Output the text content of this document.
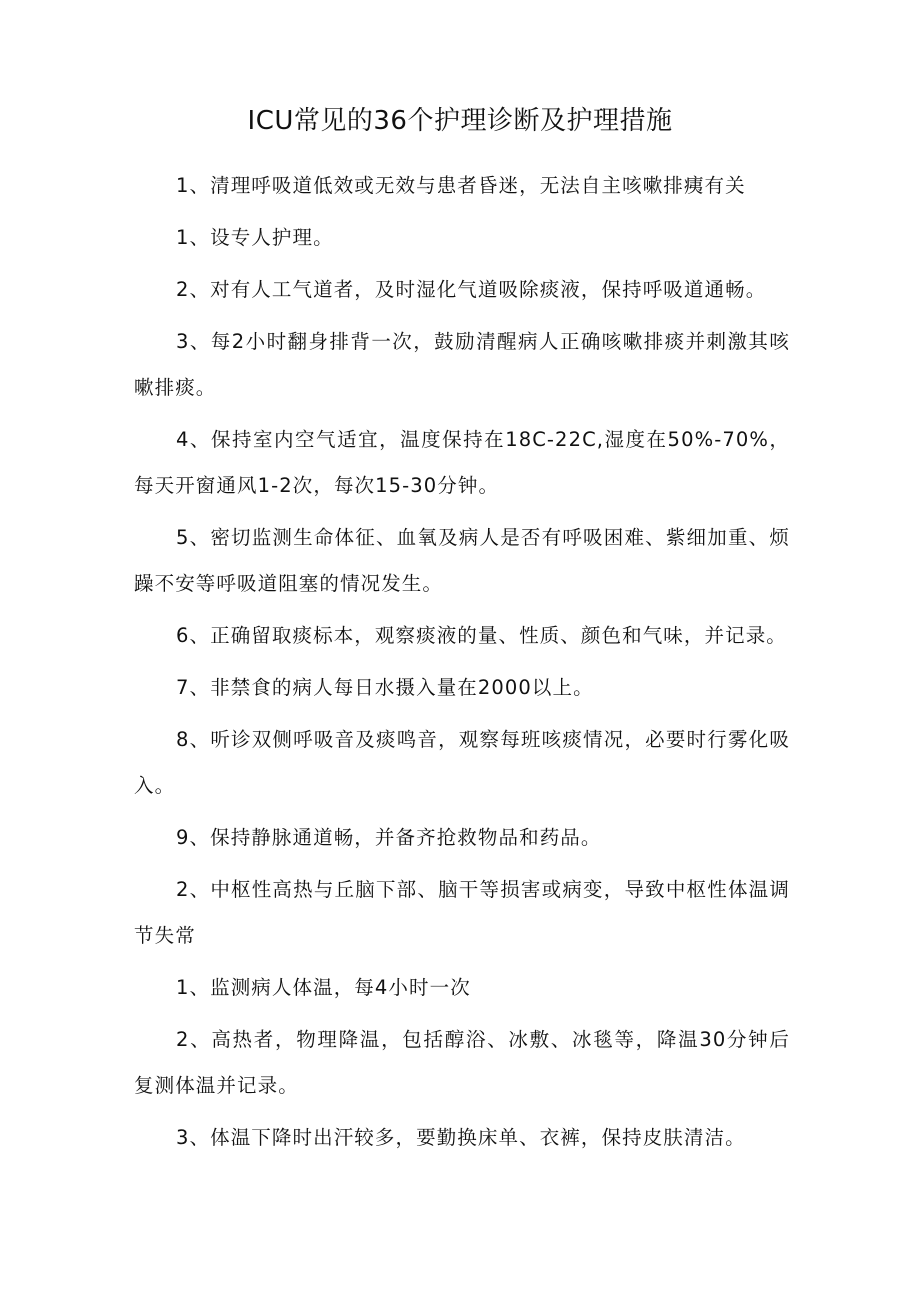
ICU常见的36个护理诊断及护理措施

1、清理呼吸道低效或无效与患者昏迷，无法自主咳嗽排痍有关

1、设专人护理。

2、对有人工气道者，及时湿化气道吸除痰液，保持呼吸道通畅。

3、每2小时翻身排背一次，鼓励清醒病人正确咳嗽排痰并刺激其咳嗽排痰。

4、保持室内空气适宜，温度保持在18C-22C,湿度在50%-70%，每天开窗通风1-2次，每次15-30分钟。

5、密切监测生命体征、血氧及病人是否有呼吸困难、紫细加重、烦躁不安等呼吸道阻塞的情况发生。

6、正确留取痰标本，观察痰液的量、性质、颜色和气味，并记录。

7、非禁食的病人每日水摄入量在2000以上。

8、听诊双侧呼吸音及痰鸣音，观察每班咳痰情况，必要时行雾化吸入。

9、保持静脉通道畅，并备齐抢救物品和药品。

2、中枢性高热与丘脑下部、脑干等损害或病变，导致中枢性体温调节失常

1、监测病人体温，每4小时一次

2、高热者，物理降温，包括醇浴、冰敷、冰毯等，降温30分钟后复测体温并记录。

3、体温下降时出汗较多，要勤换床单、衣裤，保持皮肤清洁。
